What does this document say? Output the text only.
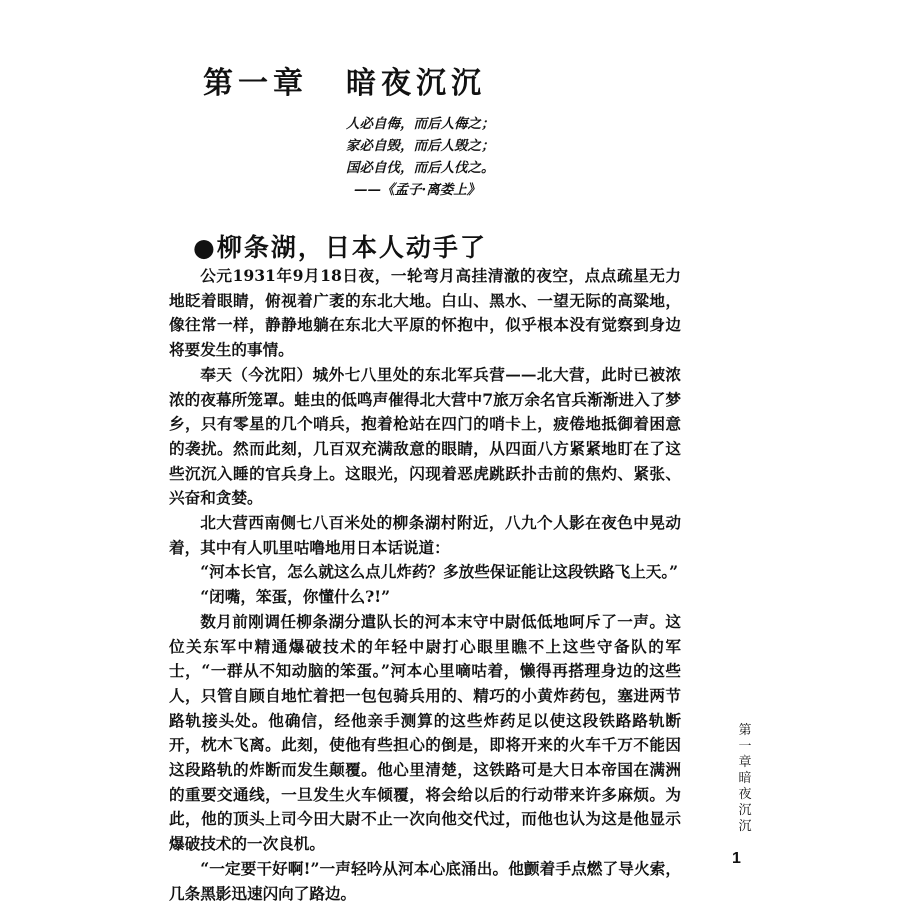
第一章 暗夜沉沉
人必自侮，而后人侮之；
家必自毁，而后人毁之；
国必自伐，而后人伐之。
——《孟子·离娄上》
●柳条湖，日本人动手了

公元1931年9月18日夜，一轮弯月高挂清澈的夜空，点点疏星无力地眨着眼睛，俯视着广袤的东北大地。白山、黑水、一望无际的高粱地，像往常一样，静静地躺在东北大平原的怀抱中，似乎根本没有觉察到身边将要发生的事情。

奉天（今沈阳）城外七八里处的东北军兵营——北大营，此时已被浓浓的夜幕所笼罩。蛙虫的低鸣声催得北大营中7旅万余名官兵渐渐进入了梦乡，只有零星的几个哨兵，抱着枪站在四门的哨卡上，疲倦地抵御着困意的袭扰。然而此刻，几百双充满敌意的眼睛，从四面八方紧紧地盯在了这些沉沉入睡的官兵身上。这眼光，闪现着恶虎跳跃扑击前的焦灼、紧张、兴奋和贪婪。

北大营西南侧七八百米处的柳条湖村附近，八九个人影在夜色中晃动着，其中有人叽里咕噜地用日本话说道：

“河本长官，怎么就这么点儿炸药？多放些保证能让这段铁路飞上天。”

“闭嘴，笨蛋，你懂什么?!”

数月前刚调任柳条湖分遣队长的河本末守中尉低低地呵斥了一声。这位关东军中精通爆破技术的年轻中尉打心眼里瞧不上这些守备队的军士，“一群从不知动脑的笨蛋。”河本心里嘀咕着，懒得再搭理身边的这些人，只管自顾自地忙着把一包包骑兵用的、精巧的小黄炸药包，塞进两节路轨接头处。他确信，经他亲手测算的这些炸药足以使这段铁路路轨断开，枕木飞离。此刻，使他有些担心的倒是，即将开来的火车千万不能因这段路轨的炸断而发生颠覆。他心里清楚，这铁路可是大日本帝国在满洲的重要交通线，一旦发生火车倾覆，将会给以后的行动带来许多麻烦。为此，他的顶头上司今田大尉不止一次向他交代过，而他也认为这是他显示爆破技术的一次良机。

“一定要干好啊!”一声轻吟从河本心底涌出。他颤着手点燃了导火索，几条黑影迅速闪向了路边。

第
一
章
暗
夜
沉
沉
1
